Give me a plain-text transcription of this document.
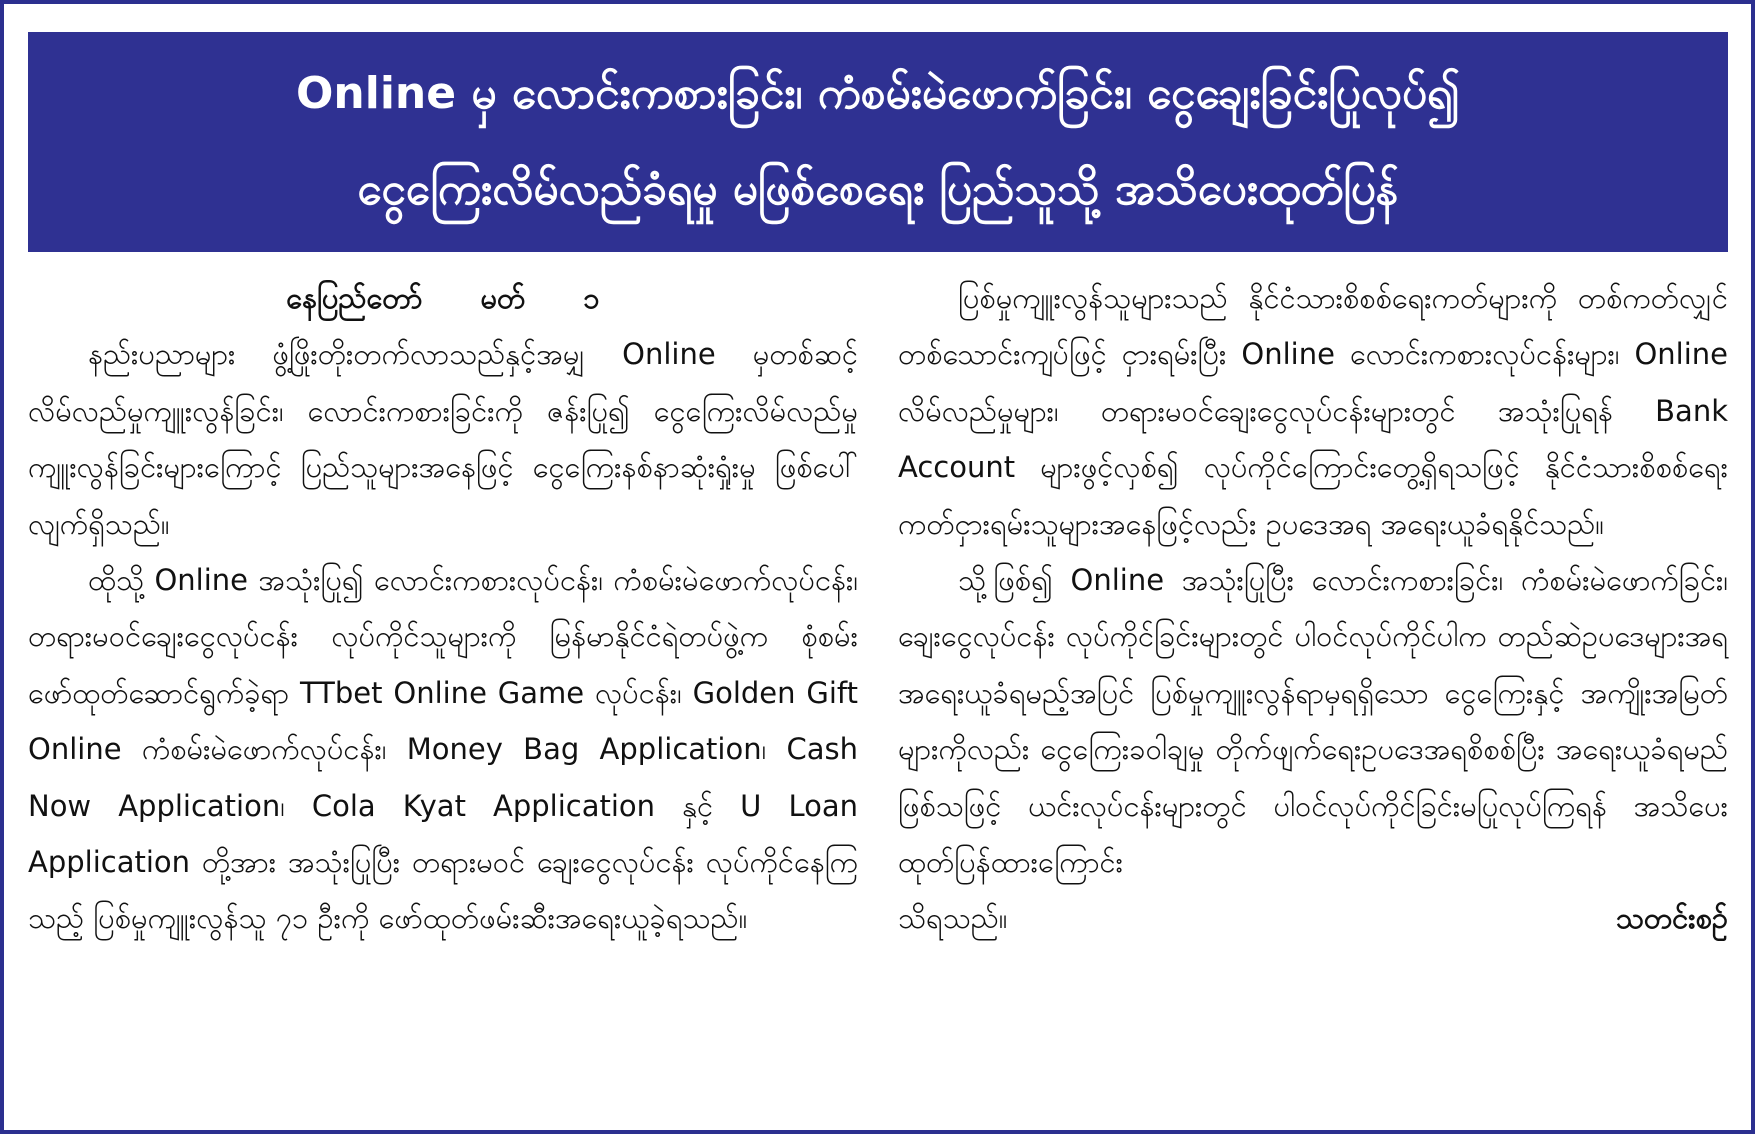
Online မှ လောင်းကစားခြင်း၊ ကံစမ်းမဲဖောက်ခြင်း၊ ငွေချေးခြင်းပြုလုပ်၍
ငွေကြေးလိမ်လည်ခံရမှု မဖြစ်စေရေး ပြည်သူသို့ အသိပေးထုတ်ပြန်
နေပြည်တော် မတ် ၁

နည်းပညာများ ဖွံ့ဖြိုးတိုးတက်လာသည်နှင့်အမျှ Online မှတစ်ဆင့် လိမ်လည်မှုကျူးလွန်ခြင်း၊ လောင်းကစားခြင်းကို ဇန်းပြု၍ ငွေကြေးလိမ်လည်မှု ကျူးလွန်ခြင်းများကြောင့် ပြည်သူများအနေဖြင့် ငွေကြေးနစ်နာဆုံးရှုံးမှု ဖြစ်ပေါ်လျက်ရှိသည်။

ထိုသို့ Online အသုံးပြု၍ လောင်းကစားလုပ်ငန်း၊ ကံစမ်းမဲဖောက်လုပ်ငန်း၊ တရားမဝင်ချေးငွေလုပ်ငန်း လုပ်ကိုင်သူများကို မြန်မာနိုင်ငံရဲတပ်ဖွဲ့က စုံစမ်းဖော်ထုတ်ဆောင်ရွက်ခဲ့ရာ TTbet Online Game လုပ်ငန်း၊ Golden Gift Online ကံစမ်းမဲဖောက်လုပ်ငန်း၊ Money Bag Application၊ Cash Now Application၊ Cola Kyat Application နှင့် U Loan Application တို့အား အသုံးပြုပြီး တရားမဝင် ချေးငွေလုပ်ငန်း လုပ်ကိုင်နေကြသည့် ပြစ်မှုကျူးလွန်သူ ၇၁ ဦးကို ဖော်ထုတ်ဖမ်းဆီးအရေးယူခဲ့ရသည်။

ပြစ်မှုကျူးလွန်သူများသည် နိုင်ငံသားစိစစ်ရေးကတ်များကို တစ်ကတ်လျှင် တစ်သောင်းကျပ်ဖြင့် ငှားရမ်းပြီး Online လောင်းကစားလုပ်ငန်းများ၊ Online လိမ်လည်မှုများ၊ တရားမဝင်ချေးငွေလုပ်ငန်းများတွင် အသုံးပြုရန် Bank Account များဖွင့်လှစ်၍ လုပ်ကိုင်ကြောင်းတွေ့ရှိရသဖြင့် နိုင်ငံသားစိစစ်ရေးကတ်ငှားရမ်းသူများအနေဖြင့်လည်း ဥပဒေအရ အရေးယူခံရနိုင်သည်။

သို့ဖြစ်၍ Online အသုံးပြုပြီး လောင်းကစားခြင်း၊ ကံစမ်းမဲဖောက်ခြင်း၊ ချေးငွေလုပ်ငန်း လုပ်ကိုင်ခြင်းများတွင် ပါဝင်လုပ်ကိုင်ပါက တည်ဆဲဥပဒေများအရ အရေးယူခံရမည့်အပြင် ပြစ်မှုကျူးလွန်ရာမှရရှိသော ငွေကြေးနှင့် အကျိုးအမြတ်များကိုလည်း ငွေကြေးခဝါချမှု တိုက်ဖျက်ရေးဥပဒေအရစိစစ်ပြီး အရေးယူခံရမည်ဖြစ်သဖြင့် ယင်းလုပ်ငန်းများတွင် ပါဝင်လုပ်ကိုင်ခြင်းမပြုလုပ်ကြရန် အသိပေးထုတ်ပြန်ထားကြောင်း

သိရသည်။	သတင်းစဉ်
